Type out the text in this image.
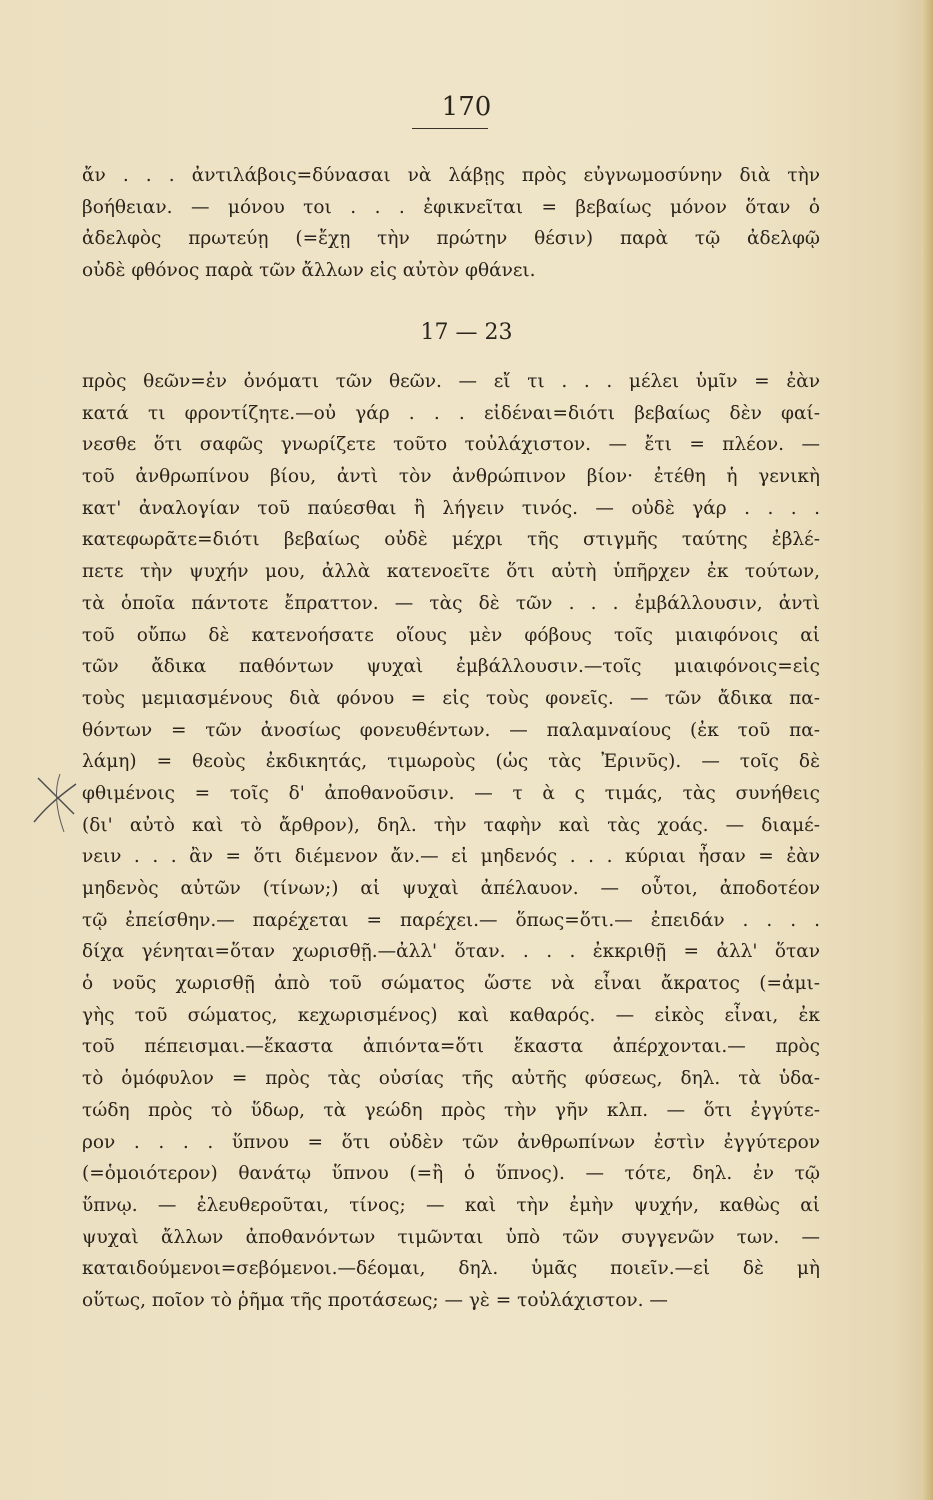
170
ἄν . . . ἀντιλάβοις=δύνασαι νὰ λάβῃς πρὸς εὐγνωμοσύνην διὰ τὴν
βοήθειαν. — μόνου τοι . . . ἐφικνεῖται = βεβαίως μόνον ὅταν ὁ
ἀδελφὸς πρωτεύῃ (=ἔχῃ τὴν πρώτην θέσιν) παρὰ τῷ ἀδελφῷ
οὐδὲ φθόνος παρὰ τῶν ἄλλων εἰς αὐτὸν φθάνει.
17 — 23
πρὸς θεῶν=ἐν ὀνόματι τῶν θεῶν. — εἴ τι . . . μέλει ὑμῖν = ἐὰν
κατά τι φροντίζητε.—οὐ γάρ . . . εἰδέναι=διότι βεβαίως δὲν φαί-
νεσθε ὅτι σαφῶς γνωρίζετε τοῦτο τοὐλάχιστον. — ἔτι = πλέον. —
τοῦ ἀνθρωπίνου βίου, ἀντὶ τὸν ἀνθρώπινον βίον· ἐτέθη ἡ γενικὴ
κατ' ἀναλογίαν τοῦ παύεσθαι ἢ λήγειν τινός. — οὐδὲ γάρ . . . .
κατεφωρᾶτε=διότι βεβαίως οὐδὲ μέχρι τῆς στιγμῆς ταύτης ἐβλέ-
πετε τὴν ψυχήν μου, ἀλλὰ κατενοεῖτε ὅτι αὐτὴ ὑπῆρχεν ἐκ τούτων,
τὰ ὁποῖα πάντοτε ἔπραττον. — τὰς δὲ τῶν . . . ἐμβάλλουσιν, ἀντὶ
τοῦ οὔπω δὲ κατενοήσατε οἵους μὲν φόβους τοῖς μιαιφόνοις αἱ
τῶν ἄδικα παθόντων ψυχαὶ ἐμβάλλουσιν.—τοῖς μιαιφόνοις=εἰς
τοὺς μεμιασμένους διὰ φόνου = εἰς τοὺς φονεῖς. — τῶν ἄδικα πα-
θόντων = τῶν ἀνοσίως φονευθέντων. — παλαμναίους (ἐκ τοῦ πα-
λάμη) = θεοὺς ἐκδικητάς, τιμωροὺς (ὡς τὰς Ἐρινῦς). — τοῖς δὲ
φθιμένοις = τοῖς δ' ἀποθανοῦσιν. — τ ὰ ς τιμάς, τὰς συνήθεις
(δι' αὐτὸ καὶ τὸ ἄρθρον), δηλ. τὴν ταφὴν καὶ τὰς χοάς. — διαμέ-
νειν . . . ἂν = ὅτι διέμενον ἄν.— εἰ μηδενός . . . κύριαι ἦσαν = ἐὰν
μηδενὸς αὐτῶν (τίνων;) αἱ ψυχαὶ ἀπέλαυον. — οὗτοι, ἀποδοτέον
τῷ ἐπείσθην.— παρέχεται = παρέχει.— ὅπως=ὅτι.— ἐπειδάν . . . .
δίχα γένηται=ὅταν χωρισθῇ.—ἀλλ' ὅταν. . . . ἐκκριθῇ = ἀλλ' ὅταν
ὁ νοῦς χωρισθῇ ἀπὸ τοῦ σώματος ὥστε νὰ εἶναι ἄκρατος (=ἀμι-
γὴς τοῦ σώματος, κεχωρισμένος) καὶ καθαρός. — εἰκὸς εἶναι, ἐκ
τοῦ πέπεισμαι.—ἕκαστα ἀπιόντα=ὅτι ἕκαστα ἀπέρχονται.— πρὸς
τὸ ὁμόφυλον = πρὸς τὰς οὐσίας τῆς αὐτῆς φύσεως, δηλ. τὰ ὑδα-
τώδη πρὸς τὸ ὕδωρ, τὰ γεώδη πρὸς τὴν γῆν κλπ. — ὅτι ἐγγύτε-
ρον . . . . ὕπνου = ὅτι οὐδὲν τῶν ἀνθρωπίνων ἐστὶν ἐγγύτερον
(=ὁμοιότερον) θανάτῳ ὕπνου (=ἢ ὁ ὕπνος). — τότε, δηλ. ἐν τῷ
ὕπνῳ. — ἐλευθεροῦται, τίνος; — καὶ τὴν ἐμὴν ψυχήν, καθὼς αἱ
ψυχαὶ ἄλλων ἀποθανόντων τιμῶνται ὑπὸ τῶν συγγενῶν των. —
καταιδούμενοι=σεβόμενοι.—δέομαι, δηλ. ὑμᾶς ποιεῖν.—εἰ δὲ μὴ
οὕτως, ποῖον τὸ ῥῆμα τῆς προτάσεως; — γὲ = τοὐλάχιστον. —
